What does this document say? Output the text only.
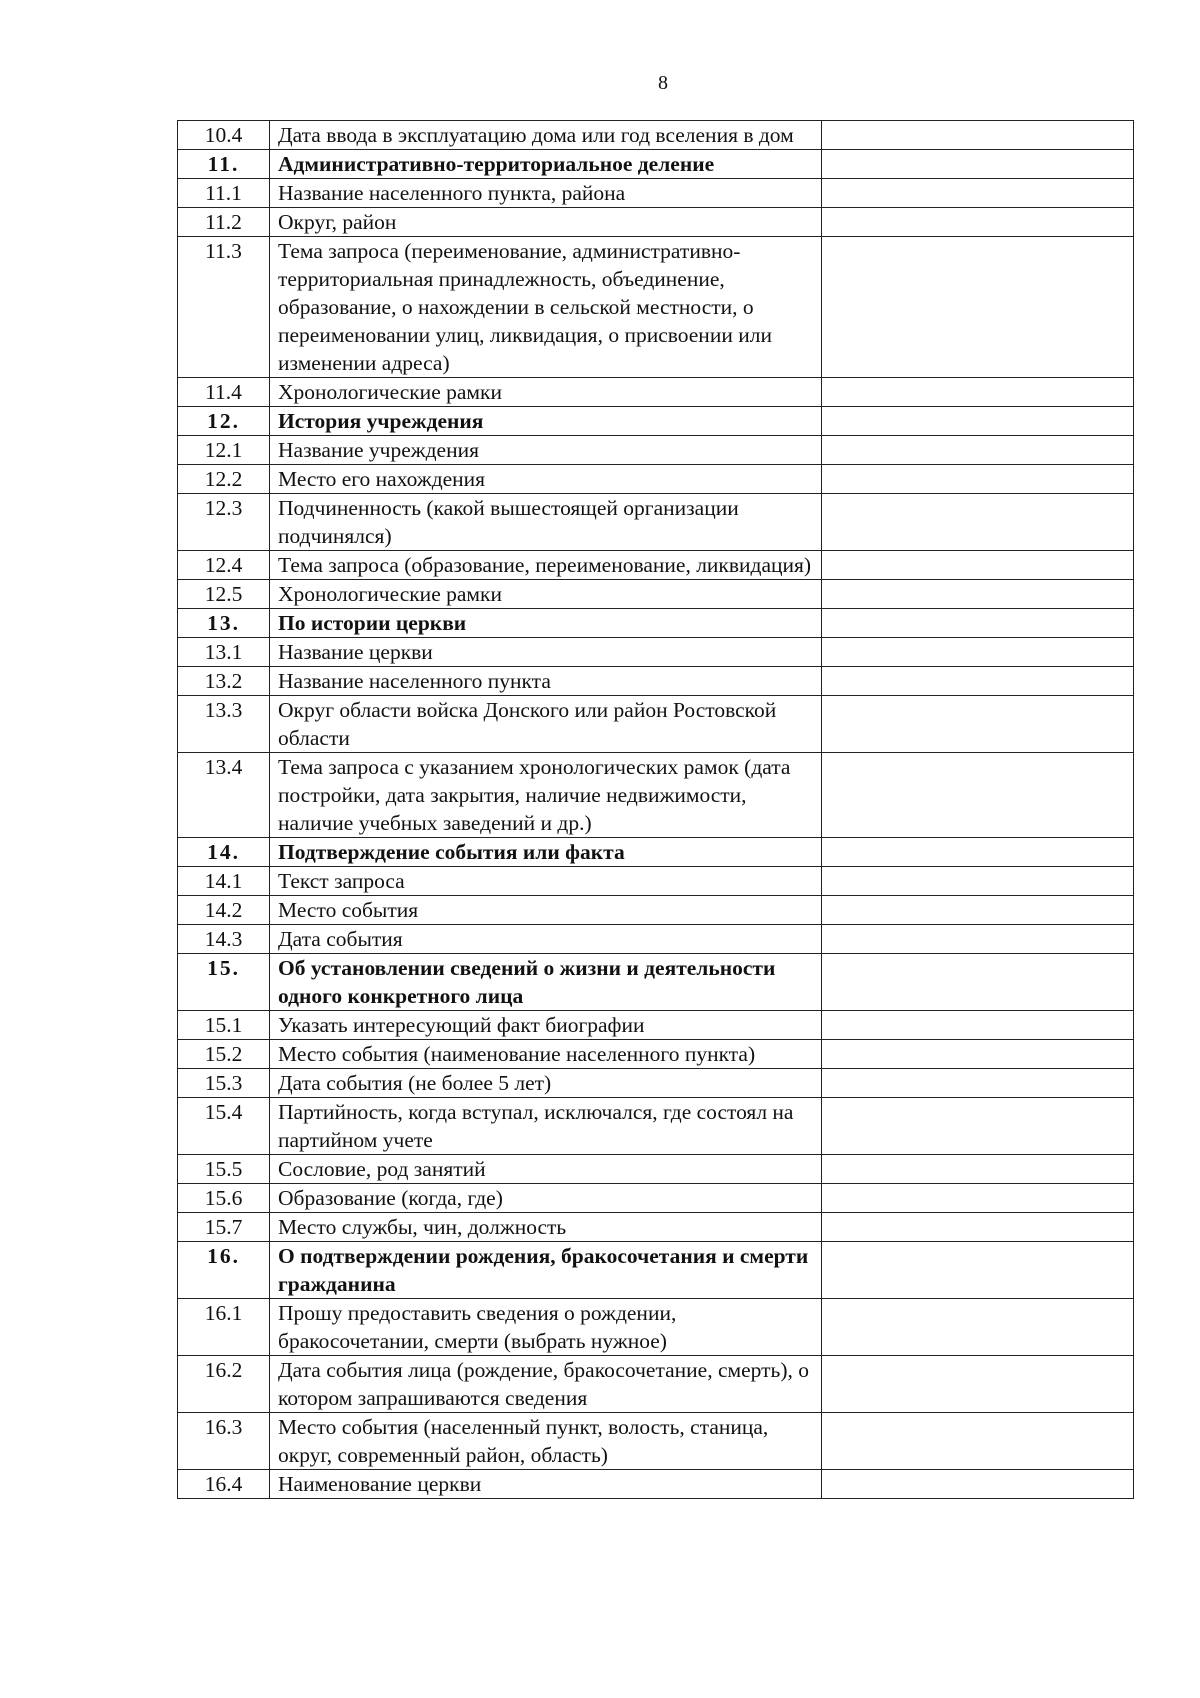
8
10.4	Дата ввода в эксплуатацию дома или год вселения в дом	
11.	Административно-территориальное деление	
11.1	Название населенного пункта, района	
11.2	Округ, район	
11.3	Тема запроса (переименование, административно-территориальная принадлежность, объединение, образование, о нахождении в сельской местности, о переименовании улиц, ликвидация, о присвоении или изменении адреса)	
11.4	Хронологические рамки	
12.	История учреждения	
12.1	Название учреждения	
12.2	Место его нахождения	
12.3	Подчиненность (какой вышестоящей организации подчинялся)	
12.4	Тема запроса (образование, переименование, ликвидация)	
12.5	Хронологические рамки	
13.	По истории церкви	
13.1	Название церкви	
13.2	Название населенного пункта	
13.3	Округ области войска Донского или район Ростовской области	
13.4	Тема запроса с указанием хронологических рамок (дата постройки, дата закрытия, наличие недвижимости, наличие учебных заведений и др.)	
14.	Подтверждение события или факта	
14.1	Текст запроса	
14.2	Место события	
14.3	Дата события	
15.	Об установлении сведений о жизни и деятельности одного конкретного лица	
15.1	Указать интересующий факт биографии	
15.2	Место события (наименование населенного пункта)	
15.3	Дата события (не более 5 лет)	
15.4	Партийность, когда вступал, исключался, где состоял на партийном учете	
15.5	Сословие, род занятий	
15.6	Образование (когда, где)	
15.7	Место службы, чин, должность	
16.	О подтверждении рождения, бракосочетания и смерти гражданина	
16.1	Прошу предоставить сведения о рождении, бракосочетании, смерти (выбрать нужное)	
16.2	Дата события лица (рождение, бракосочетание, смерть), о котором запрашиваются сведения	
16.3	Место события (населенный пункт, волость, станица, округ, современный район, область)	
16.4	Наименование церкви	
